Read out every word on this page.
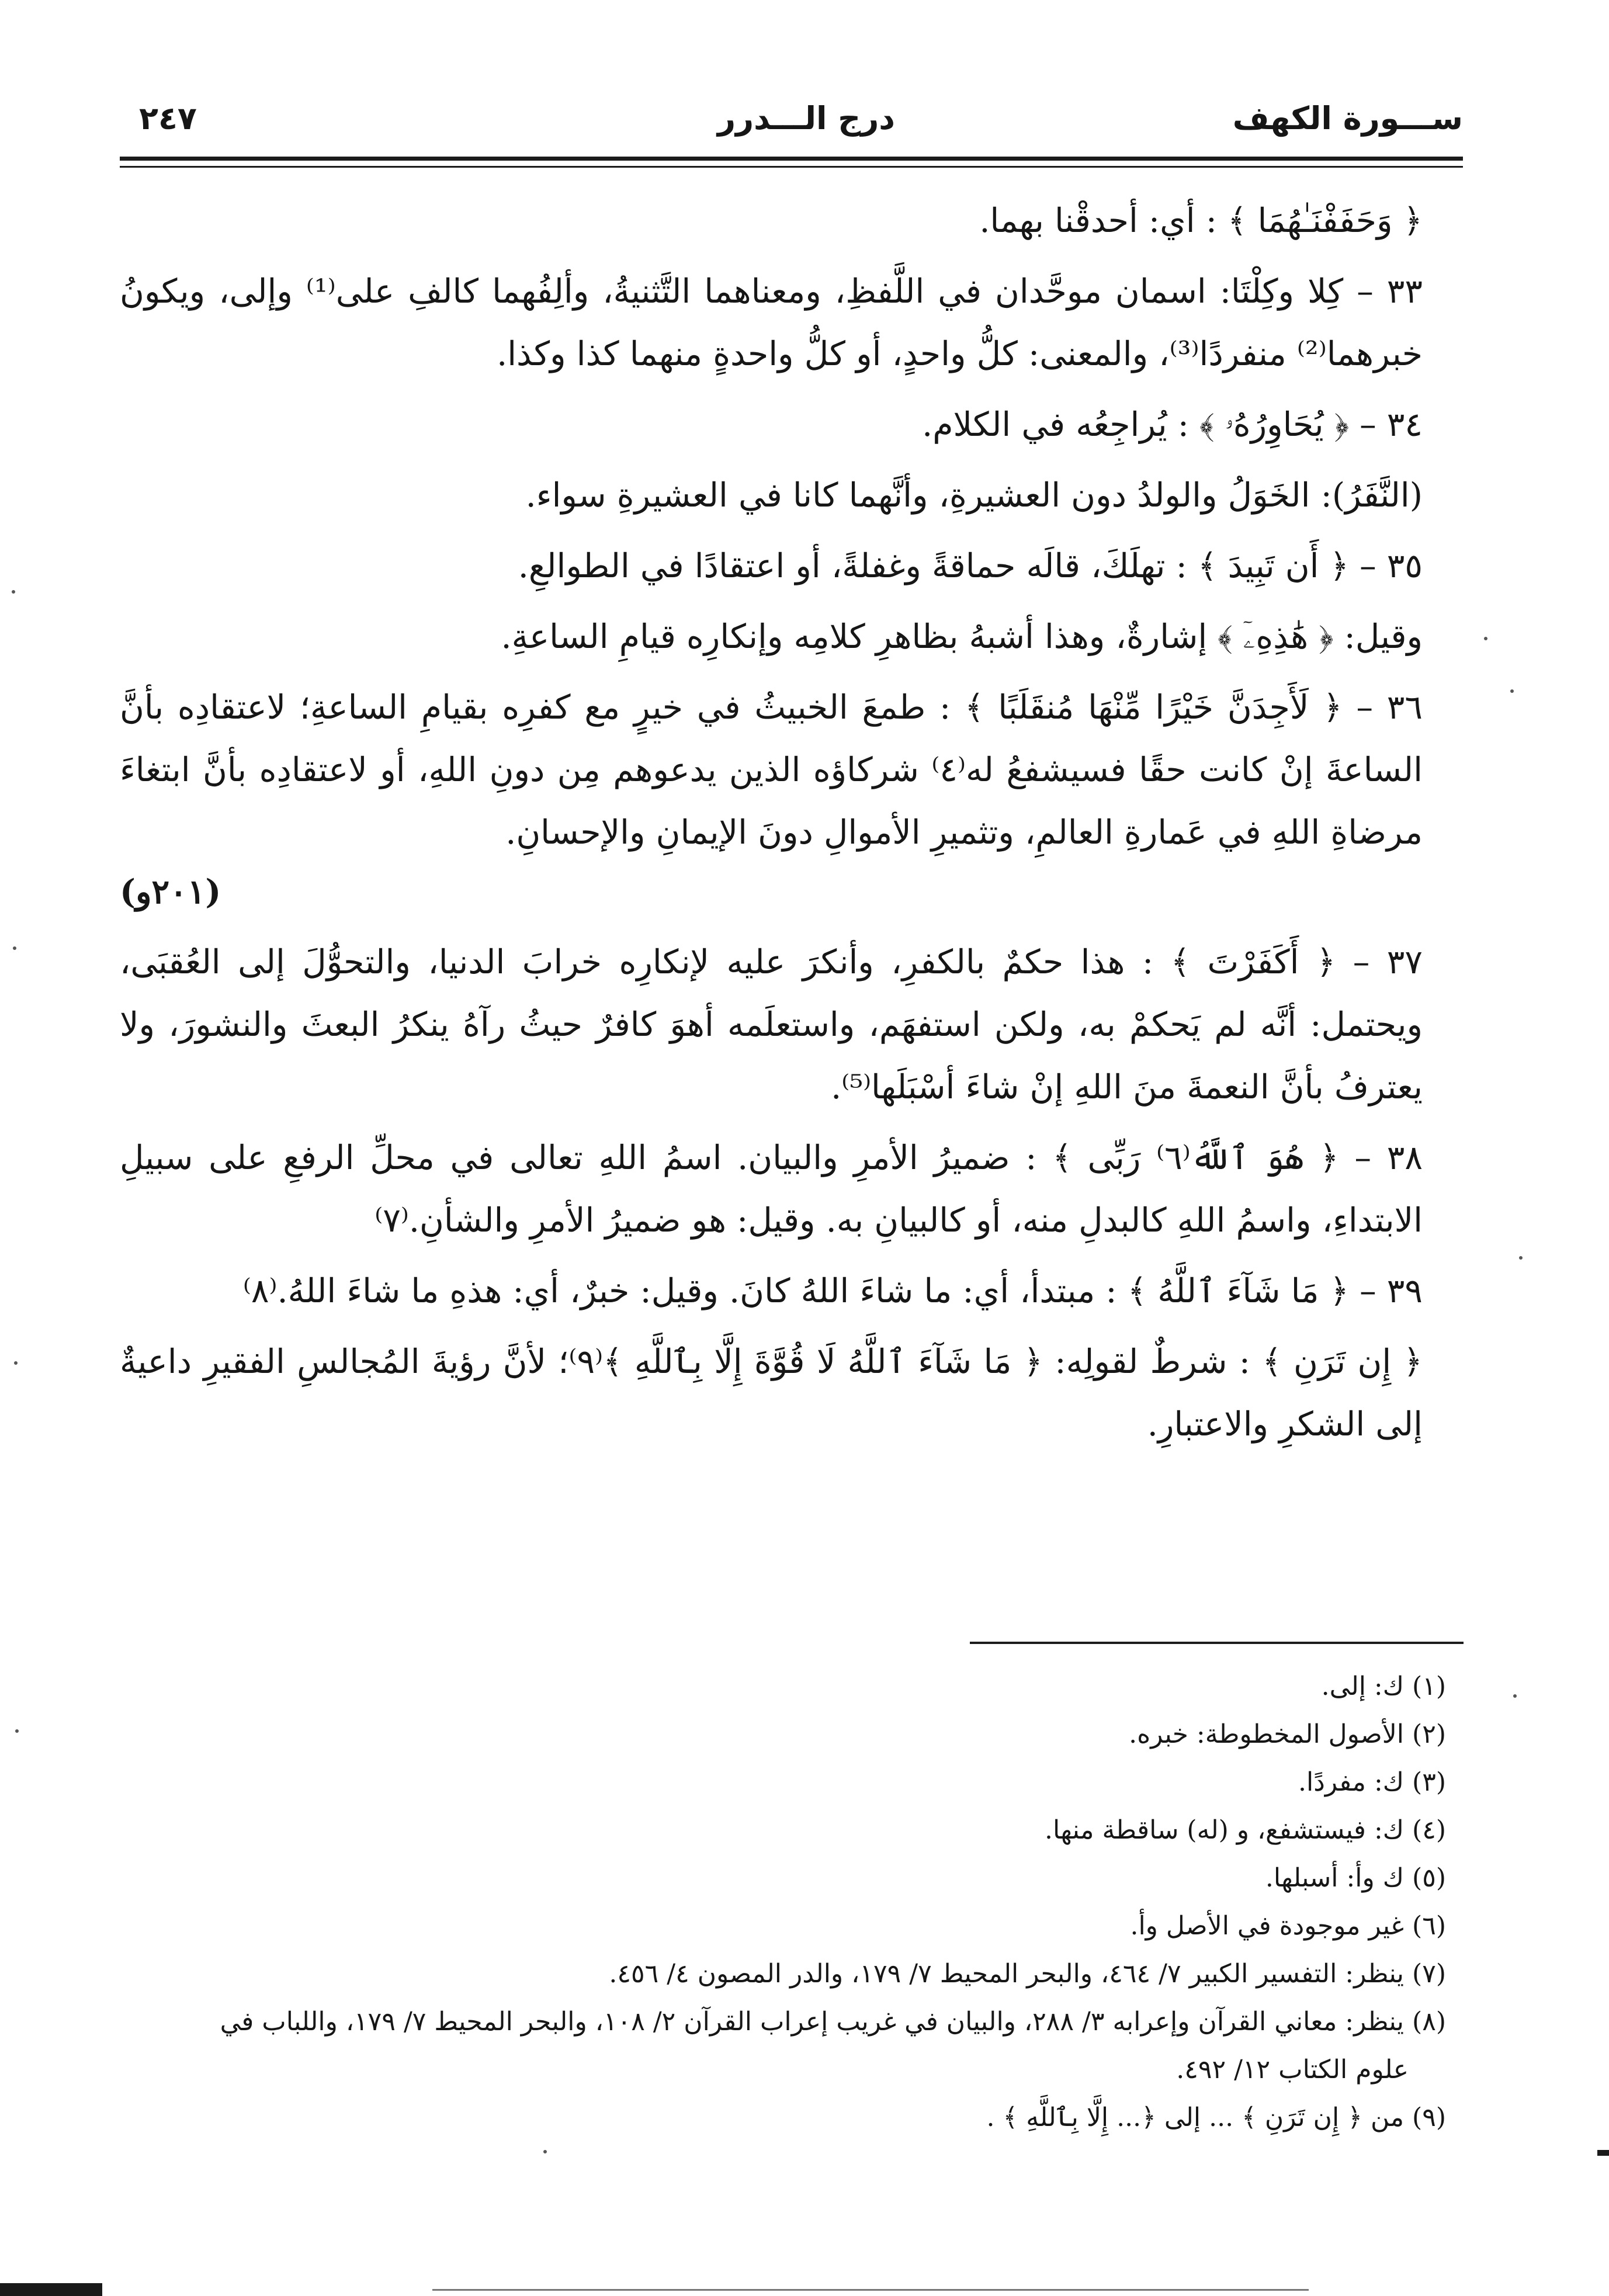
٢٤٧	درج الـــدرر	ســـورة الكهف

﴿ وَحَفَفْنَـٰهُمَا ﴾ : أي: أحدقْنا بهما.

٣٣ – كِلا وكِلْتَا: اسمان موحَّدان في اللَّفظِ، ومعناهما التَّثنيةُ، وألِفُهما كالفِ على⁽¹⁾ وإلى، ويكونُ خبرهما⁽²⁾ منفردًا⁽³⁾، والمعنى: كلُّ واحدٍ، أو كلُّ واحدةٍ منهما كذا وكذا.

٣٤ – ﴿ يُحَاوِرُهُۥ ﴾ : يُراجِعُه في الكلام.

(النَّفَرُ): الخَوَلُ والولدُ دون العشيرةِ، وأنَّهما كانا في العشيرةِ سواء.

٣٥ – ﴿ أَن تَبِيدَ ﴾ : تهلَكَ، قالَه حماقةً وغفلةً، أو اعتقادًا في الطوالعِ.

وقيل: ﴿ هَٰذِهِۦٓ ﴾ إشارةٌ، وهذا أشبهُ بظاهرِ كلامِه وإنكارِه قيامِ الساعةِ.

٣٦ – ﴿ لَأَجِدَنَّ خَيْرًا مِّنْهَا مُنقَلَبًا ﴾ : طمعَ الخبيثُ في خيرٍ مع كفرِه بقيامِ الساعةِ؛ لاعتقادِه بأنَّ الساعةَ إنْ كانت حقًا فسيشفعُ له⁽٤⁾ شركاؤه الذين يدعوهم مِن دونِ اللهِ، أو لاعتقادِه بأنَّ ابتغاءَ مرضاةِ اللهِ في عَمارةِ العالمِ، وتثميرِ الأموالِ دونَ الإيمانِ والإحسانِ.
(٢٠١و)

٣٧ – ﴿ أَكَفَرْتَ ﴾ : هذا حكمٌ بالكفرِ، وأنكرَ عليه لإنكارِه خرابَ الدنيا، والتحوُّلَ إلى العُقبَى، ويحتمل: أنَّه لم يَحكمْ به، ولكن استفهَم، واستعلَمه أهوَ كافرٌ حيثُ رآهُ ينكرُ البعثَ والنشورَ، ولا يعترفُ بأنَّ النعمةَ منَ اللهِ إنْ شاءَ أسْبَلَها⁽⁵⁾.

٣٨ – ﴿ هُوَ ٱللَّهُ⁽٦⁾ رَبِّى ﴾ : ضميرُ الأمرِ والبيان. اسمُ اللهِ تعالى في محلِّ الرفعِ على سبيلِ الابتداءِ، واسمُ اللهِ كالبدلِ منه، أو كالبيانِ به. وقيل: هو ضميرُ الأمرِ والشأنِ.⁽٧⁾

٣٩ – ﴿ مَا شَآءَ ٱللَّهُ ﴾ : مبتدأ، أي: ما شاءَ اللهُ كانَ. وقيل: خبرٌ، أي: هذهِ ما شاءَ اللهُ.⁽٨⁾

﴿ إِن تَرَنِ ﴾ : شرطٌ لقولِه: ﴿ مَا شَآءَ ٱللَّهُ لَا قُوَّةَ إِلَّا بِٱللَّهِ ﴾⁽٩⁾؛ لأنَّ رؤيةَ المُجالسِ الفقيرِ داعيةٌ إلى الشكرِ والاعتبارِ.

(١) ك: إلى.
(٢) الأصول المخطوطة: خبره.
(٣) ك: مفردًا.
(٤) ك: فيستشفع، و (له) ساقطة منها.
(٥) ك وأ: أسبلها.
(٦) غير موجودة في الأصل وأ.
(٧) ينظر: التفسير الكبير ٧/ ٤٦٤، والبحر المحيط ٧/ ١٧٩، والدر المصون ٤/ ٤٥٦.
(٨) ينظر: معاني القرآن وإعرابه ٣/ ٢٨٨، والبيان في غريب إعراب القرآن ٢/ ١٠٨، والبحر المحيط ٧/ ١٧٩، واللباب في
علوم الكتاب ١٢/ ٤٩٢.
(٩) من ﴿ إِن تَرَنِ ﴾ ... إلى ﴿... إِلَّا بِٱللَّهِ ﴾ .
